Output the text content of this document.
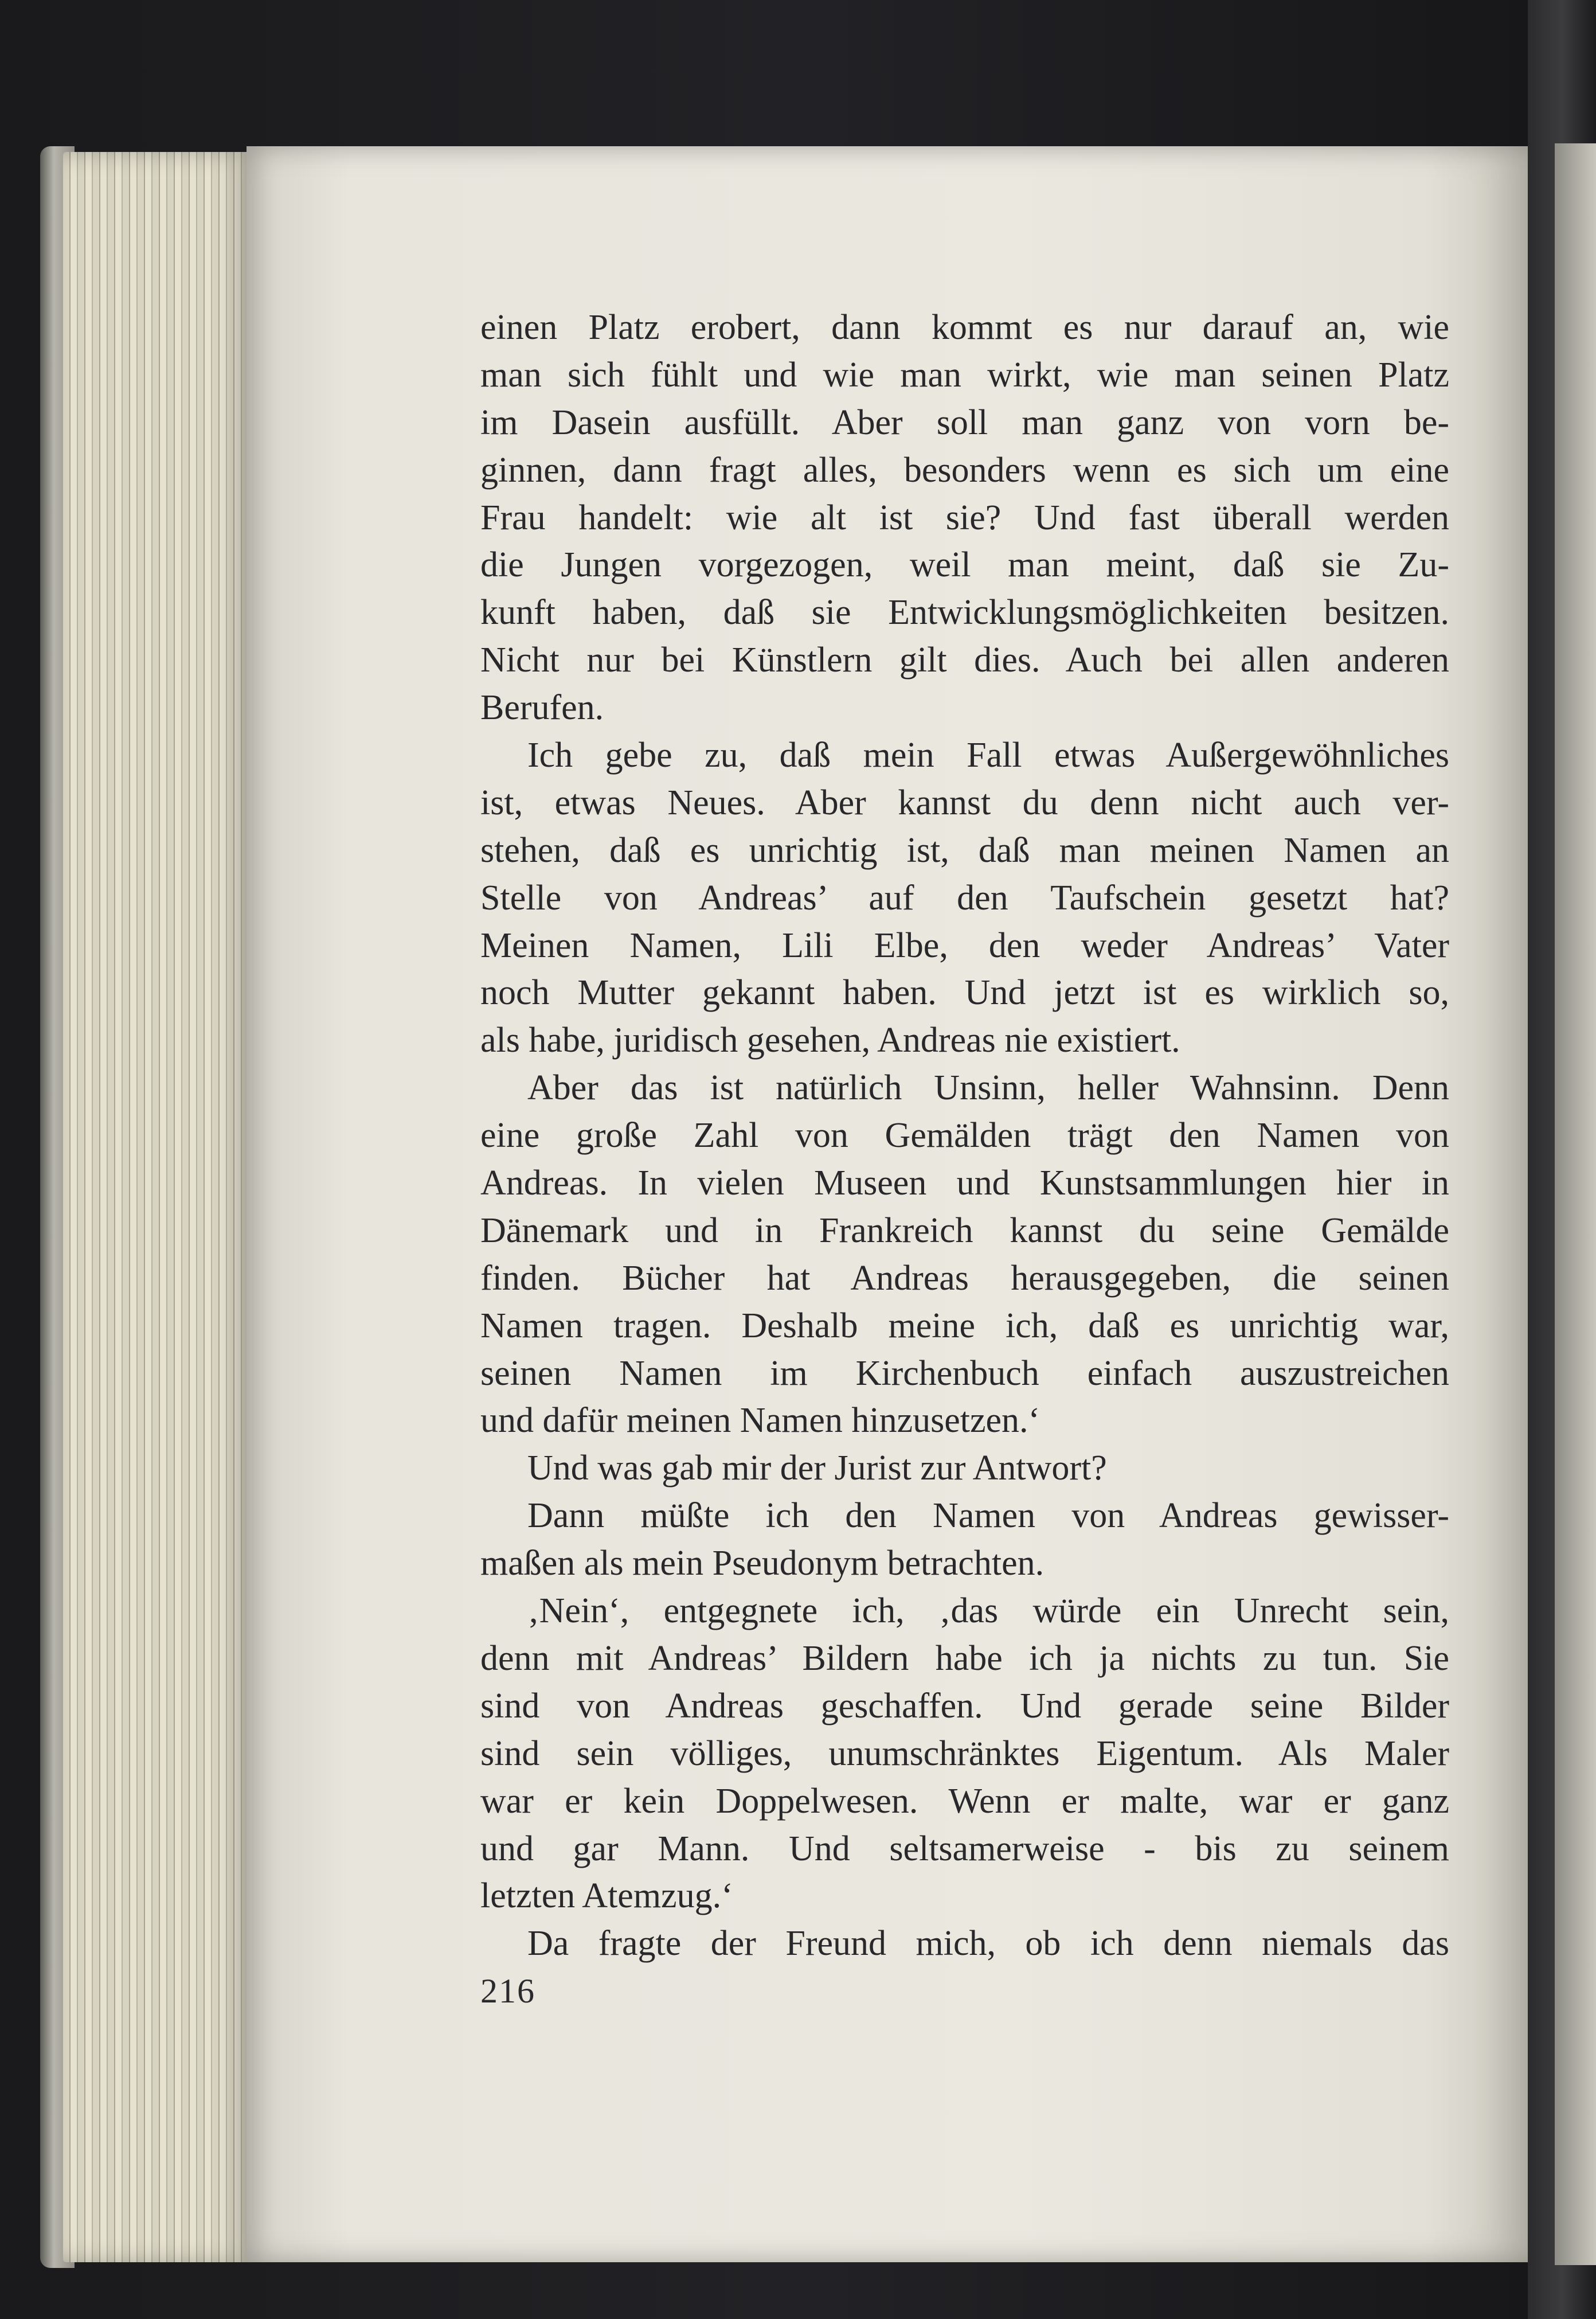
einen Platz erobert, dann kommt es nur darauf an, wie
man sich fühlt und wie man wirkt, wie man seinen Platz
im Dasein ausfüllt. Aber soll man ganz von vorn be-
ginnen, dann fragt alles, besonders wenn es sich um eine
Frau handelt: wie alt ist sie? Und fast überall werden
die Jungen vorgezogen, weil man meint, daß sie Zu-
kunft haben, daß sie Entwicklungsmöglichkeiten besitzen.
Nicht nur bei Künstlern gilt dies. Auch bei allen anderen
Berufen.
Ich gebe zu, daß mein Fall etwas Außergewöhnliches
ist, etwas Neues. Aber kannst du denn nicht auch ver-
stehen, daß es unrichtig ist, daß man meinen Namen an
Stelle von Andreas’ auf den Taufschein gesetzt hat?
Meinen Namen, Lili Elbe, den weder Andreas’ Vater
noch Mutter gekannt haben. Und jetzt ist es wirklich so,
als habe, juridisch gesehen, Andreas nie existiert.
Aber das ist natürlich Unsinn, heller Wahnsinn. Denn
eine große Zahl von Gemälden trägt den Namen von
Andreas. In vielen Museen und Kunstsammlungen hier in
Dänemark und in Frankreich kannst du seine Gemälde
finden. Bücher hat Andreas herausgegeben, die seinen
Namen tragen. Deshalb meine ich, daß es unrichtig war,
seinen Namen im Kirchenbuch einfach auszustreichen
und dafür meinen Namen hinzusetzen.‘
Und was gab mir der Jurist zur Antwort?
Dann müßte ich den Namen von Andreas gewisser-
maßen als mein Pseudonym betrachten.
‚Nein‘, entgegnete ich, ‚das würde ein Unrecht sein,
denn mit Andreas’ Bildern habe ich ja nichts zu tun. Sie
sind von Andreas geschaffen. Und gerade seine Bilder
sind sein völliges, unumschränktes Eigentum. Als Maler
war er kein Doppelwesen. Wenn er malte, war er ganz
und gar Mann. Und seltsamerweise - bis zu seinem
letzten Atemzug.‘
Da fragte der Freund mich, ob ich denn niemals das
216
